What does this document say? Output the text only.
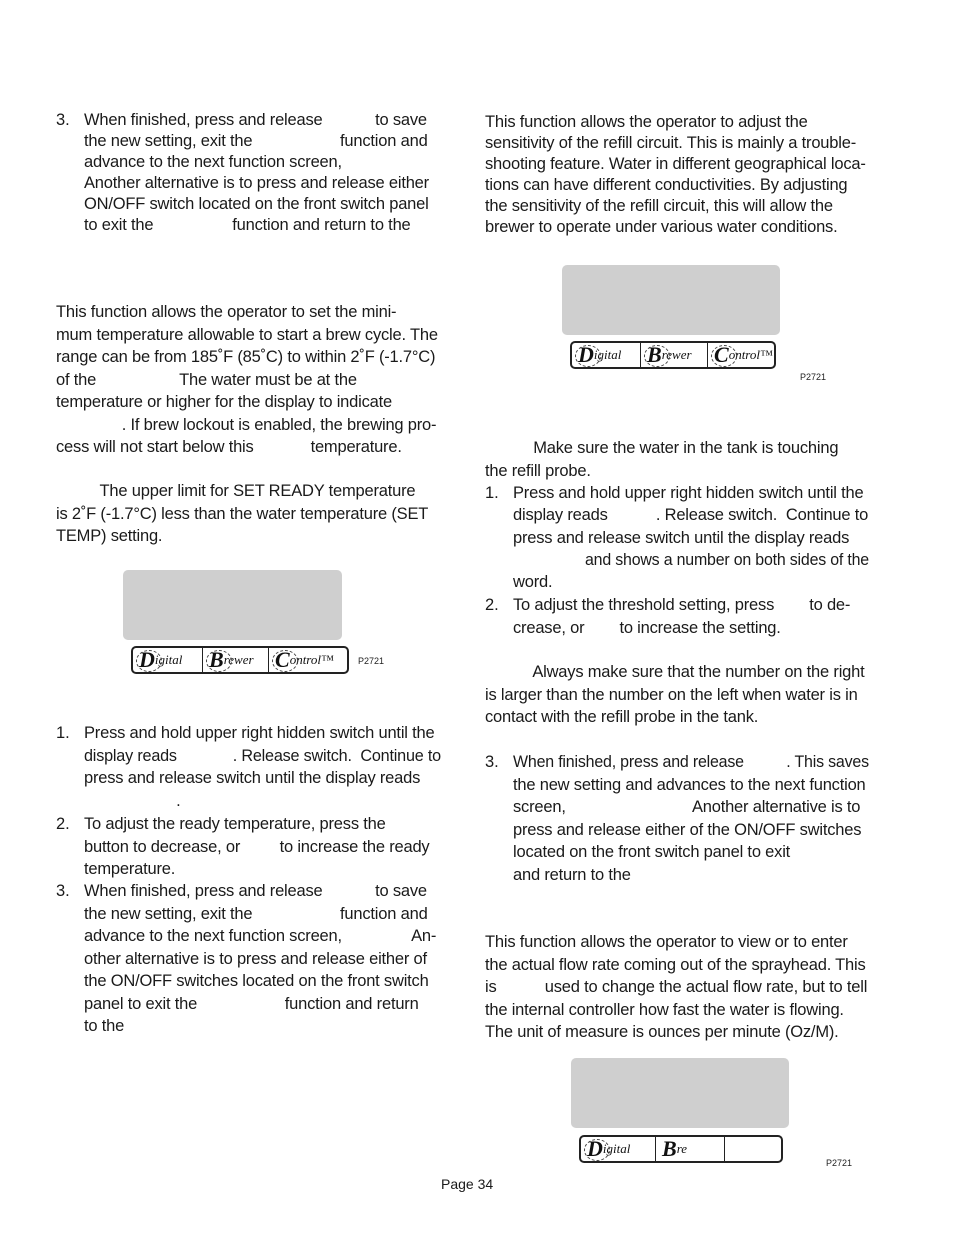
3. When finished, press and release            to save
the new setting, exit the                    function and
advance to the next function screen,
Another alternative is to press and release either
ON/OFF switch located on the front switch panel
to exit the                  function and return to the
This function allows the operator to set the mini-
mum temperature allowable to start a brew cycle. The
range can be from 185˚F (85˚C) to within 2˚F (-1.7°C)
of the                   The water must be at the
temperature or higher for the display to indicate
. If brew lockout is enabled, the brewing pro-
cess will not start below this             temperature.
The upper limit for SET READY temperature
is 2˚F (-1.7°C) less than the water temperature (SET
TEMP) setting.
D igital B rewer C ontrol™	P2721
1. Press and hold upper right hidden switch until the
display reads             . Release switch.  Continue to
press and release switch until the display reads
.
2. To adjust the ready temperature, press the
button to decrease, or         to increase the ready
temperature.
3. When finished, press and release            to save
the new setting, exit the                    function and
advance to the next function screen,                An-
other alternative is to press and release either of
the ON/OFF switches located on the front switch
panel to exit the                    function and return
to the
This function allows the operator to adjust the
sensitivity of the refill circuit. This is mainly a trouble-
shooting feature. Water in different geographical loca-
tions can have different conductivities. By adjusting
the sensitivity of the refill circuit, this will allow the
brewer to operate under various water conditions.
D igital B rewer C ontrol™
P2721
Make sure the water in the tank is touching
the refill probe.
1. Press and hold upper right hidden switch until the
display reads           . Release switch.  Continue to
press and release switch until the display reads
and shows a number on both sides of the
word.
2. To adjust the threshold setting, press        to de-
crease, or        to increase the setting.
Always make sure that the number on the right
is larger than the number on the left when water is in
contact with the refill probe in the tank.
3. When finished, press and release          . This saves
the new setting and advances to the next function
screen,                             Another alternative is to
press and release either of the ON/OFF switches
located on the front switch panel to exit
and return to the
This function allows the operator to view or to enter
the actual flow rate coming out of the sprayhead. This
is           used to change the actual flow rate, but to tell
the internal controller how fast the water is flowing.
The unit of measure is ounces per minute (Oz/M).
D igital B re
P2721
Page 34
